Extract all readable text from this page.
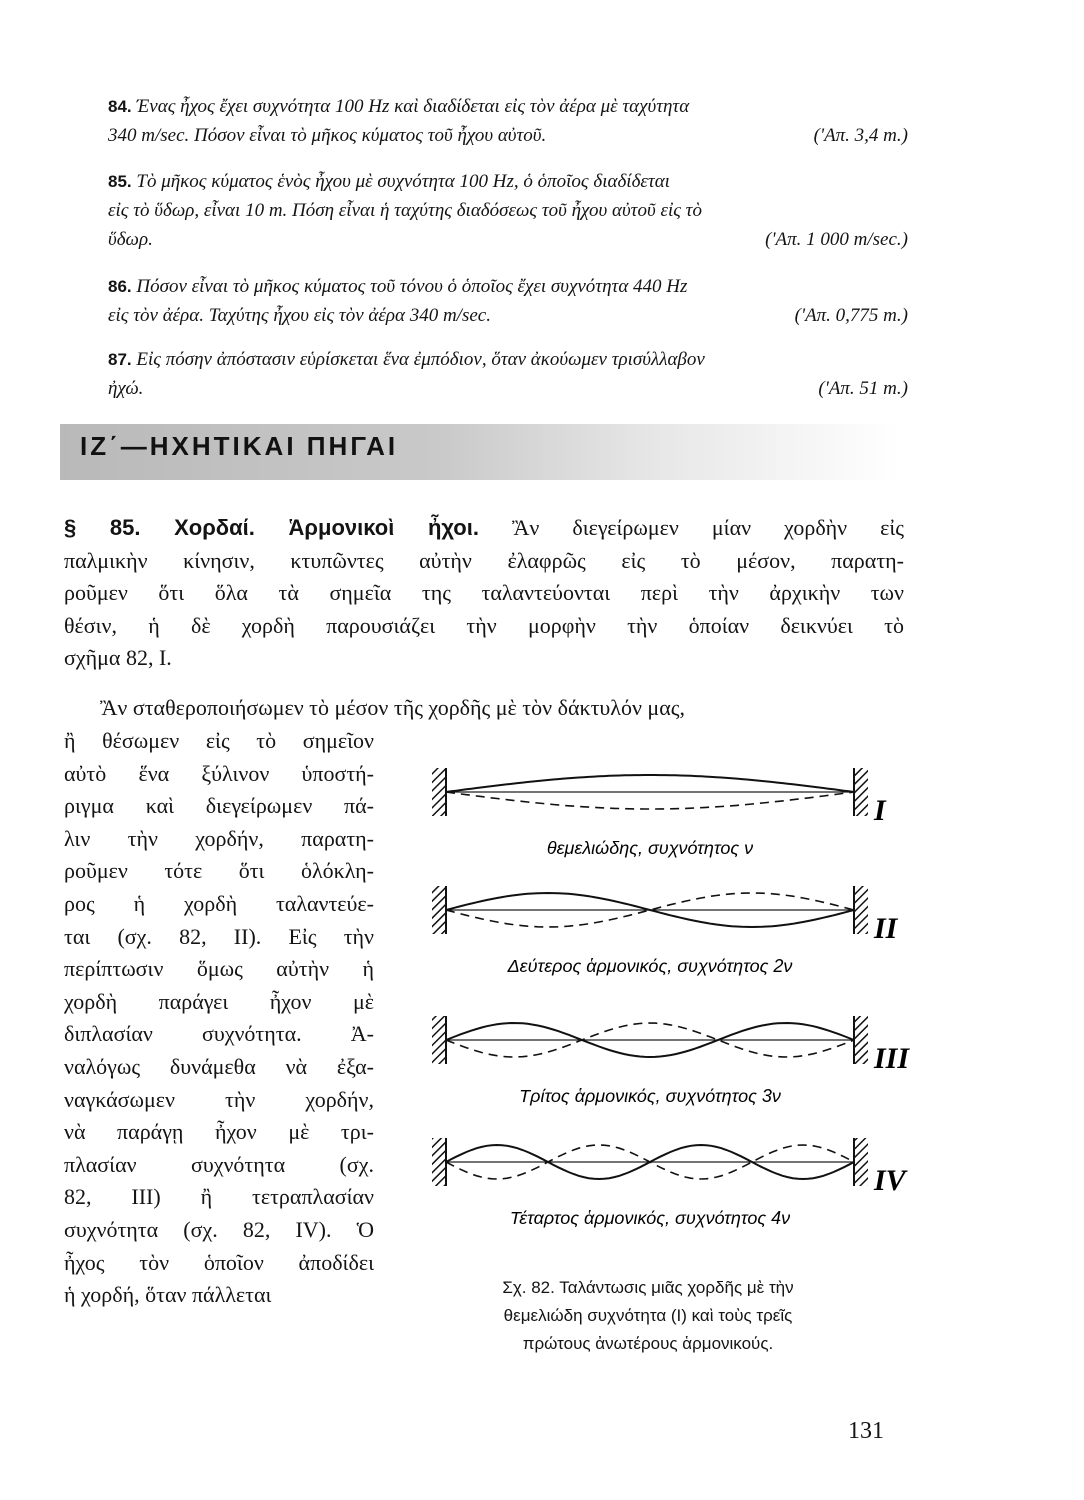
84. Ένας ἦχος ἔχει συχνότητα 100 Hz καὶ διαδίδεται εἰς τὸν ἀέρα μὲ ταχύτητα
340 m/sec. Πόσον εἶναι τὸ μῆκος κύματος τοῦ ἦχου αὐτοῦ.	('Απ. 3,4 m.)
85. Τὸ μῆκος κύματος ἑνὸς ἦχου μὲ συχνότητα 100 Hz, ὁ ὁποῖος διαδίδεται
εἰς τὸ ὕδωρ, εἶναι 10 m. Πόση εἶναι ἡ ταχύτης διαδόσεως τοῦ ἦχου αὐτοῦ εἰς τὸ
ὕδωρ.	('Απ. 1 000 m/sec.)
86. Πόσον εἶναι τὸ μῆκος κύματος τοῦ τόνου ὁ ὁποῖος ἔχει συχνότητα 440 Hz
εἰς τὸν ἀέρα. Ταχύτης ἦχου εἰς τὸν ἀέρα 340 m/sec.	('Απ. 0,775 m.)
87. Εἰς πόσην ἀπόστασιν εὑρίσκεται ἕνα ἐμπόδιον, ὅταν ἀκούωμεν τρισύλλαβον
ἠχώ.	('Απ. 51 m.)
ΙΖ΄—ΗΧΗΤΙΚΑΙ ΠΗΓΑΙ
§ 85. Χορδαί. Ἁρμονικοὶ ἦχοι. Ἂν διεγείρωμεν μίαν χορδὴν εἰς
παλμικὴν κίνησιν, κτυπῶντες αὐτὴν ἐλαφρῶς εἰς τὸ μέσον, παρατη-
ροῦμεν ὅτι ὅλα τὰ σημεῖα της ταλαντεύονται περὶ τὴν ἀρχικὴν των
θέσιν, ἡ δὲ χορδὴ παρουσιάζει τὴν μορφὴν τὴν ὁποίαν δεικνύει τὸ
σχῆμα 82, I.
Ἂν σταθεροποιήσωμεν τὸ μέσον τῆς χορδῆς μὲ τὸν δάκτυλόν μας,
ἢ θέσωμεν εἰς τὸ σημεῖον
αὐτὸ ἕνα ξύλινον ὑποστή-
ριγμα καὶ διεγείρωμεν πά-
λιν τὴν χορδήν, παρατη-
ροῦμεν τότε ὅτι ὁλόκλη-
ρος ἡ χορδὴ ταλαντεύε-
ται (σχ. 82, II). Εἰς τὴν
περίπτωσιν ὅμως αὐτὴν ἡ
χορδὴ παράγει ἦχον μὲ
διπλασίαν συχνότητα. Ἀ-
ναλόγως δυνάμεθα νὰ ἐξα-
ναγκάσωμεν τὴν χορδήν,
νὰ παράγῃ ἦχον μὲ τρι-
πλασίαν συχνότητα (σχ.
82, III) ἢ τετραπλασίαν
συχνότητα (σχ. 82, IV). Ὁ
ἦχος τὸν ὁποῖον ἀποδίδει
ἡ χορδή, ὅταν πάλλεται
I
θεμελιώδης, συχνότητος ν
II
Δεύτερος ἁρμονικός, συχνότητος 2ν
III
Τρίτος ἁρμονικός, συχνότητος 3ν
IV
Τέταρτος ἁρμονικός, συχνότητος 4ν
Σχ. 82. Ταλάντωσις μιᾶς χορδῆς μὲ τὴν
θεμελιώδη συχνότητα (I) καὶ τοὺς τρεῖς
πρώτους ἀνωτέρους ἁρμονικούς.
131
